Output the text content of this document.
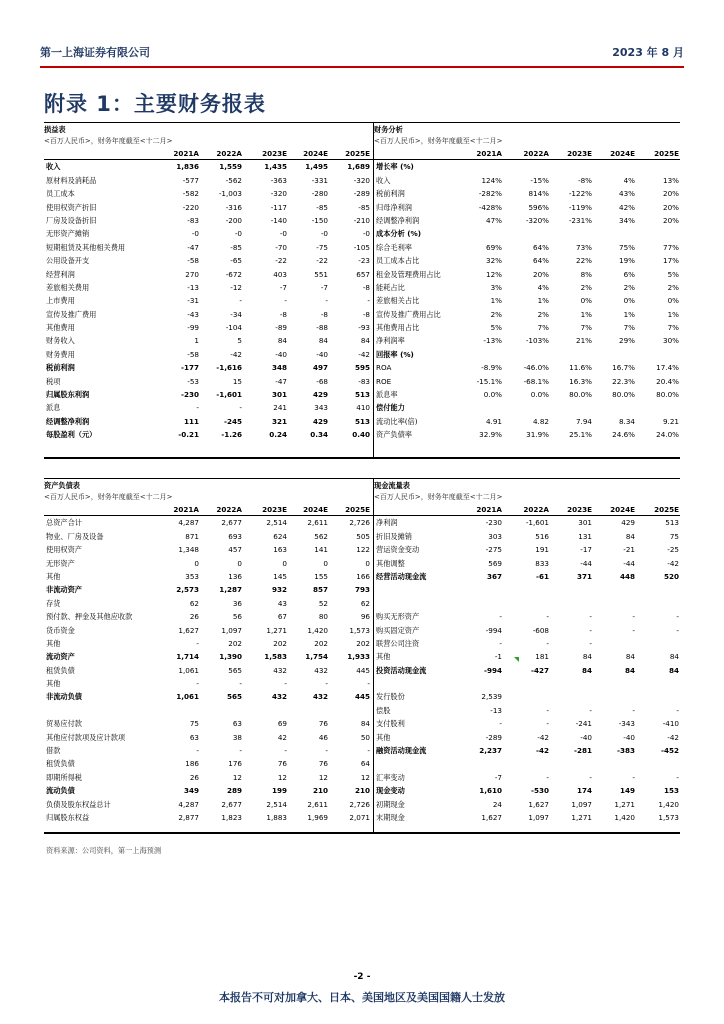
第一上海证券有限公司	2023 年 8 月
附录 1：主要财务报表
损益表
<百万人民币>，财务年度截至<十二月>
2021A 2022A	2023E 2024E 2025E
收入	1,836	1,559	1,435	1,495	1,689
原材料及消耗品	-577	-562	-363	-331	-320
员工成本	-582	-1,003	-320	-280	-289
使用权资产折旧	-220	-316	-117	-85	-85
厂房及设备折旧	-83	-200	-140	-150	-210
无形资产摊销	-0	-0	-0	-0	-0
短期租赁及其他相关费用	-47	-85	-70	-75	-105
公用设备开支	-58	-65	-22	-22	-23
经营利润	270	-672	403	551	657
差旅相关费用	-13	-12	-7	-7	-8
上市费用	-31	-	-	-	-
宣传及推广费用	-43	-34	-8	-8	-8
其他费用	-99	-104	-89	-88	-93
财务收入	1	5	84	84	84
财务费用	-58	-42	-40	-40	-42
税前利润	-177 -1,616	348	497	595
税项	-53	15	-47	-68	-83
归属股东利润	-230 -1,601	301	429	513
派息	-	-	241	343	410
经调整净利润	111	-245	321	429	513
每股盈利（元）	-0.21	-1.26	0.24	0.34	0.40
财务分析
<百万人民币>，财务年度截至<十二月>
2021A	2022A	2023E	2024E	2025E
增长率 (%)
收入	124%	-15%	-8%	4%	13%
税前利润	-282%	814%	-122%	43%	20%
归母净利润	-428%	596%	-119%	42%	20%
经调整净利润	47%	-320%	-231%	34%	20%
成本分析 (%)
综合毛利率	69%	64%	73%	75%	77%
员工成本占比	32%	64%	22%	19%	17%
租金及管理费用占比	12%	20%	8%	6%	5%
能耗占比	3%	4%	2%	2%	2%
差旅相关占比	1%	1%	0%	0%	0%
宣传及推广费用占比	2%	2%	1%	1%	1%
其他费用占比	5%	7%	7%	7%	7%
净利润率	-13%	-103%	21%	29%	30%
回报率 (%)
ROA	-8.9%	-46.0%	11.6%	16.7%	17.4%
ROE	-15.1%	-68.1%	16.3%	22.3%	20.4%
派息率	0.0%	0.0%	80.0%	80.0%	80.0%
偿付能力
流动比率(倍)	4.91	4.82	7.94	8.34	9.21
资产负债率	32.9%	31.9%	25.1%	24.6%	24.0%
资产负债表
<百万人民币>，财务年度截至<十二月>
2021A 2022A	2023E 2024E 2025E
总资产合计	4,287	2,677	2,514	2,611	2,726
物业、厂房及设备	871	693	624	562	505
使用权资产	1,348	457	163	141	122
无形资产	0	0	0	0	0
其他	353	136	145	155	166
非流动资产	2,573	1,287	932	857	793
存货	62	36	43	52	62
预付款、押金及其他应收款	26	56	67	80	96
货币资金	1,627	1,097	1,271	1,420	1,573
其他	-	202	202	202	202
流动资产	1,714	1,390	1,583	1,754	1,933
租赁负债	1,061	565	432	432	445
其他	-	-	-	-	-
非流动负债	1,061	565	432	432	445
贸易应付款	75	63	69	76	84
其他应付款项及应计款项	63	38	42	46	50
借款	-	-	-	-	-
租赁负债	186	176	76	76	64
即期所得税	26	12	12	12	12
流动负债	349	289	199	210	210
负债及股东权益总计	4,287	2,677	2,514	2,611	2,726
归属股东权益	2,877	1,823	1,883	1,969	2,071
现金流量表
<百万人民币>，财务年度截至<十二月>
2021A	2022A	2023E	2024E	2025E
净利润	-230	-1,601	301	429	513
折旧及摊销	303	516	131	84	75
营运资金变动	-275	191	-17	-21	-25
其他调整	569	833	-44	-44	-42
经营活动现金流	367	-61	371	448	520
购买无形资产	-	-	-	-	-
购买固定资产	-994	-608	-	-	-
联营公司注资	-	-	-
其他	-1	181	84	84	84
投资活动现金流	-994	-427	84	84	84
发行股份	2,539
偿股	-13	-	-	-	-
支付股利	-	-	-241	-343	-410
其他	-289	-42	-40	-40	-42
融资活动现金流	2,237	-42	-281	-383	-452
汇率变动	-7	-	-	-	-
现金变动	1,610	-530	174	149	153
初期现金	24	1,627	1,097	1,271	1,420
末期现金	1,627	1,097	1,271	1,420	1,573
资料来源：公司资料，第一上海预测
-2 -
本报告不可对加拿大、日本、美国地区及美国国籍人士发放
